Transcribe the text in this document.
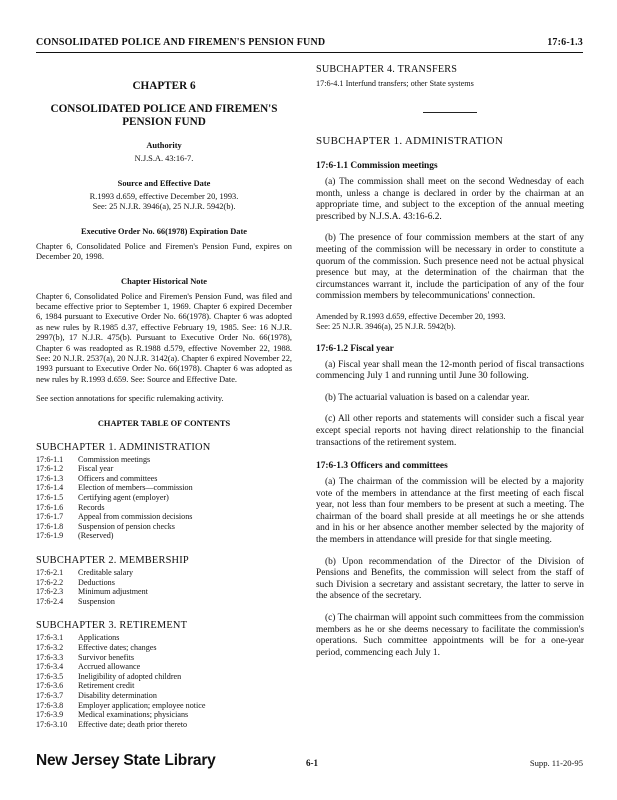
CONSOLIDATED POLICE AND FIREMEN'S PENSION FUND	17:6-1.3
CHAPTER 6
CONSOLIDATED POLICE AND FIREMEN'S PENSION FUND
Authority
N.J.S.A. 43:16-7.
Source and Effective Date
R.1993 d.659, effective December 20, 1993.
See: 25 N.J.R. 3946(a), 25 N.J.R. 5942(b).
Executive Order No. 66(1978) Expiration Date
Chapter 6, Consolidated Police and Firemen's Pension Fund, expires on December 20, 1998.
Chapter Historical Note
Chapter 6, Consolidated Police and Firemen's Pension Fund, was filed and became effective prior to September 1, 1969. Chapter 6 expired December 6, 1984 pursuant to Executive Order No. 66(1978). Chapter 6 was adopted as new rules by R.1985 d.37, effective February 19, 1985. See: 16 N.J.R. 2997(b), 17 N.J.R. 475(b). Pursuant to Executive Order No. 66(1978), Chapter 6 was readopted as R.1988 d.579, effective November 22, 1988. See: 20 N.J.R. 2537(a), 20 N.J.R. 3142(a). Chapter 6 expired November 22, 1993 pursuant to Executive Order No. 66(1978). Chapter 6 was adopted as new rules by R.1993 d.659. See: Source and Effective Date.
See section annotations for specific rulemaking activity.
CHAPTER TABLE OF CONTENTS
SUBCHAPTER 1. ADMINISTRATION
17:6-1.1	Commission meetings
17:6-1.2	Fiscal year
17:6-1.3	Officers and committees
17:6-1.4	Election of members—commission
17:6-1.5	Certifying agent (employer)
17:6-1.6	Records
17:6-1.7	Appeal from commission decisions
17:6-1.8	Suspension of pension checks
17:6-1.9	(Reserved)
SUBCHAPTER 2. MEMBERSHIP
17:6-2.1	Creditable salary
17:6-2.2	Deductions
17:6-2.3	Minimum adjustment
17:6-2.4	Suspension
SUBCHAPTER 3. RETIREMENT
17:6-3.1	Applications
17:6-3.2	Effective dates; changes
17:6-3.3	Survivor benefits
17:6-3.4	Accrued allowance
17:6-3.5	Ineligibility of adopted children
17:6-3.6	Retirement credit
17:6-3.7	Disability determination
17:6-3.8	Employer application; employee notice
17:6-3.9	Medical examinations; physicians
17:6-3.10	Effective date; death prior thereto
SUBCHAPTER 4. TRANSFERS
17:6-4.1 Interfund transfers; other State systems
SUBCHAPTER 1. ADMINISTRATION
17:6-1.1 Commission meetings
(a) The commission shall meet on the second Wednesday of each month, unless a change is declared in order by the chairman at an appropriate time, and subject to the exception of the annual meeting prescribed by N.J.S.A. 43:16-6.2.
(b) The presence of four commission members at the start of any meeting of the commission will be necessary in order to constitute a quorum of the commission. Such presence need not be actual physical presence but may, at the determination of the chairman that the circumstances warrant it, include the participation of any of the four commission members by telecommunications' connection.
Amended by R.1993 d.659, effective December 20, 1993.
See: 25 N.J.R. 3946(a), 25 N.J.R. 5942(b).
17:6-1.2 Fiscal year
(a) Fiscal year shall mean the 12-month period of fiscal transactions commencing July 1 and running until June 30 following.
(b) The actuarial valuation is based on a calendar year.
(c) All other reports and statements will consider such a fiscal year except special reports not having direct relationship to the financial transactions of the retirement system.
17:6-1.3 Officers and committees
(a) The chairman of the commission will be elected by a majority vote of the members in attendance at the first meeting of each fiscal year, not less than four members to be present at such a meeting. The chairman of the board shall preside at all meetings he or she attends and in his or her absence another member selected by the majority of the members in attendance will preside for that single meeting.
(b) Upon recommendation of the Director of the Division of Pensions and Benefits, the commission will select from the staff of such Division a secretary and assistant secretary, the latter to serve in the absence of the secretary.
(c) The chairman will appoint such committees from the commission members as he or she deems necessary to facilitate the commission's operations. Such committee appointments will be for a one-year period, commencing each July 1.
New Jersey State Library	6-1	Supp. 11-20-95
